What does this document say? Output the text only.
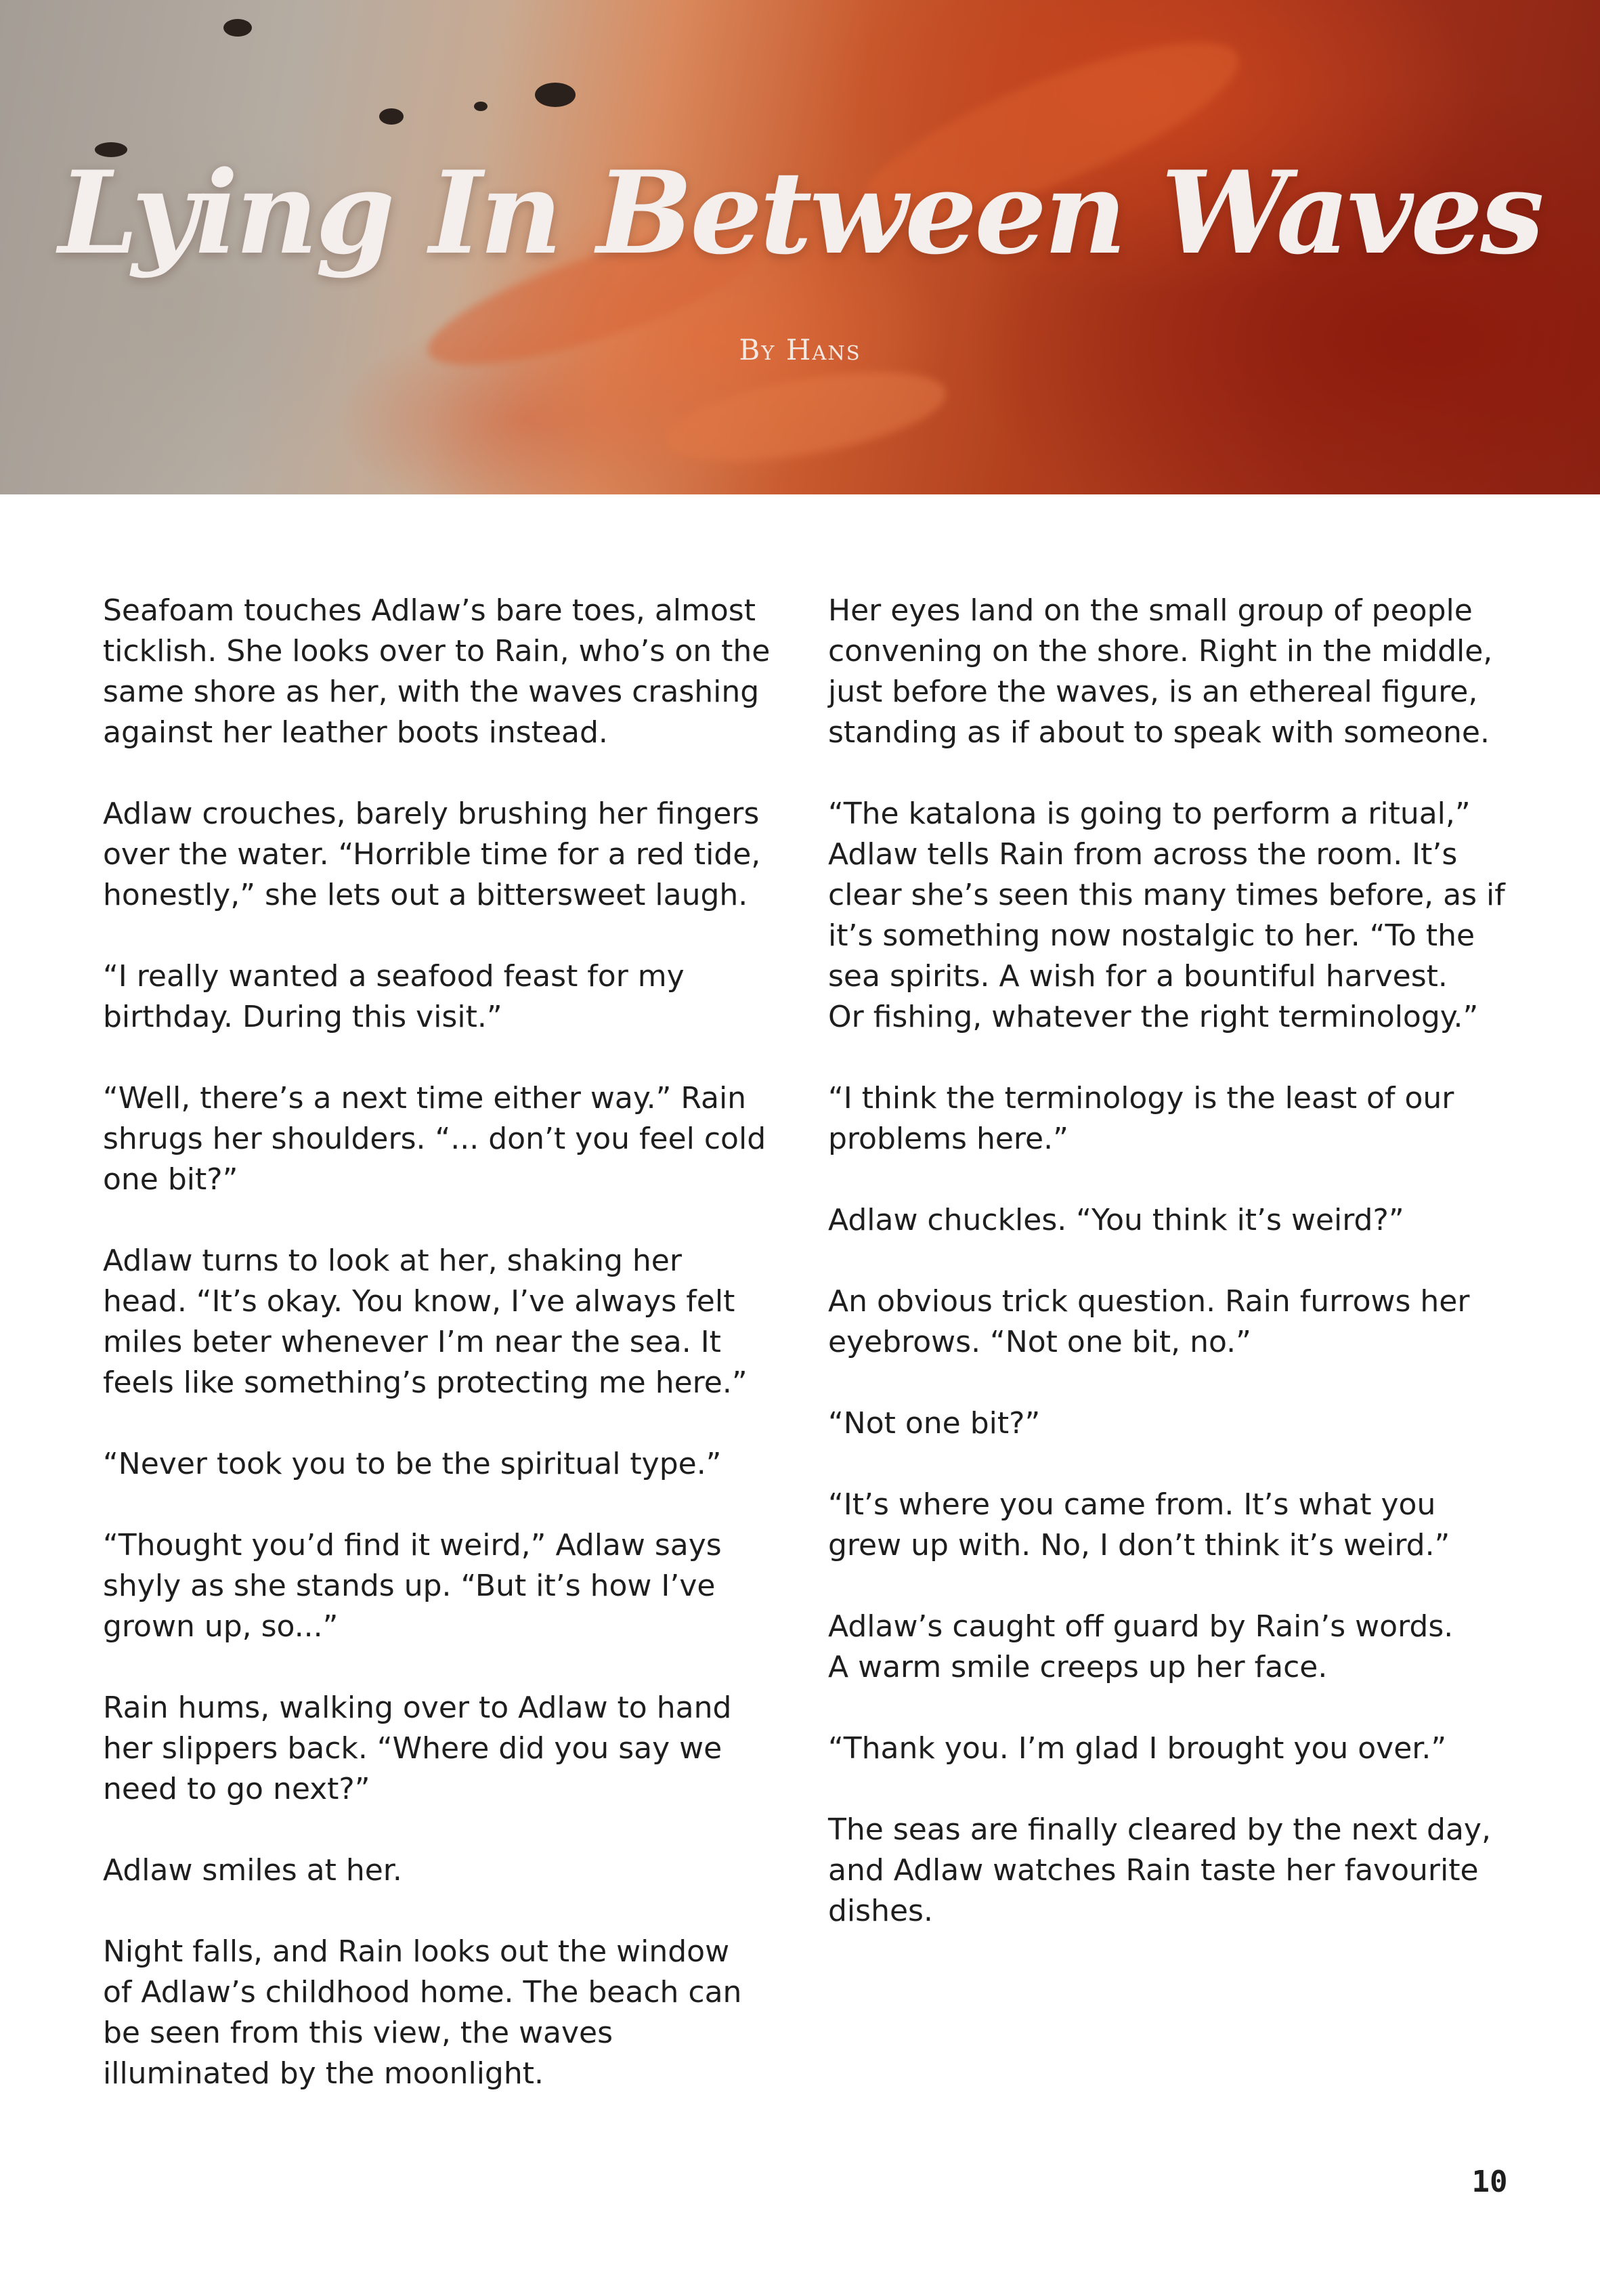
Lying In Between Waves
By Hans

Seafoam touches Adlaw’s bare toes, almost
ticklish. She looks over to Rain, who’s on the
same shore as her, with the waves crashing
against her leather boots instead.

Adlaw crouches, barely brushing her fingers
over the water. “Horrible time for a red tide,
honestly,” she lets out a bittersweet laugh.

“I really wanted a seafood feast for my
birthday. During this visit.”

“Well, there’s a next time either way.” Rain
shrugs her shoulders. “... don’t you feel cold
one bit?”

Adlaw turns to look at her, shaking her
head. “It’s okay. You know, I’ve always felt
miles beter whenever I’m near the sea. It
feels like something’s protecting me here.”

“Never took you to be the spiritual type.”

“Thought you’d find it weird,” Adlaw says
shyly as she stands up. “But it’s how I’ve
grown up, so...”

Rain hums, walking over to Adlaw to hand
her slippers back. “Where did you say we
need to go next?”

Adlaw smiles at her.

Night falls, and Rain looks out the window
of Adlaw’s childhood home. The beach can
be seen from this view, the waves
illuminated by the moonlight.

Her eyes land on the small group of people
convening on the shore. Right in the middle,
just before the waves, is an ethereal figure,
standing as if about to speak with someone.

“The katalona is going to perform a ritual,”
Adlaw tells Rain from across the room. It’s
clear she’s seen this many times before, as if
it’s something now nostalgic to her. “To the
sea spirits. A wish for a bountiful harvest.
Or fishing, whatever the right terminology.”

“I think the terminology is the least of our
problems here.”

Adlaw chuckles. “You think it’s weird?”

An obvious trick question. Rain furrows her
eyebrows. “Not one bit, no.”

“Not one bit?”

“It’s where you came from. It’s what you
grew up with. No, I don’t think it’s weird.”

Adlaw’s caught off guard by Rain’s words.
A warm smile creeps up her face.

“Thank you. I’m glad I brought you over.”

The seas are finally cleared by the next day,
and Adlaw watches Rain taste her favourite
dishes.

10
